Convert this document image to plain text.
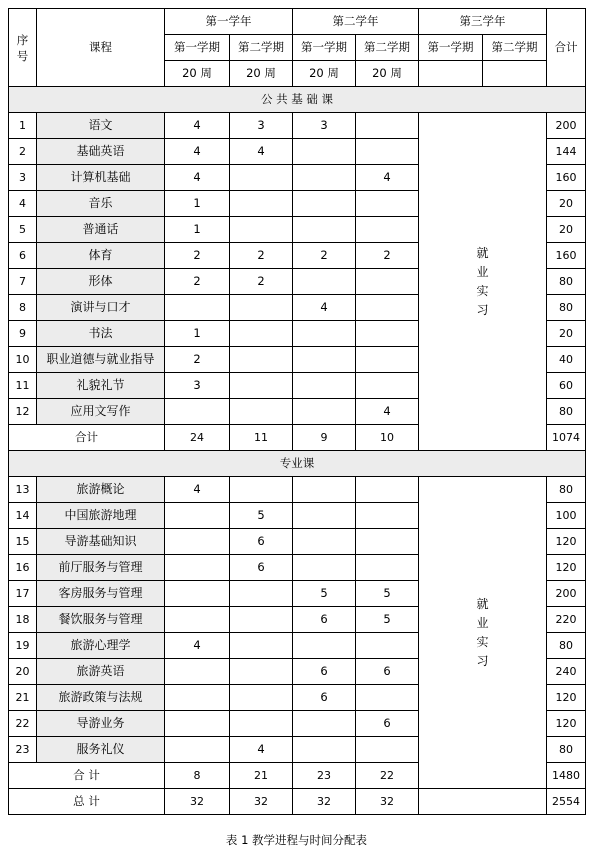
序号	课程	第一学年		第二学年		第三学年		合计
		第一学期	第二学期	第一学期	第二学期	第一学期	第二学期	
		20 周	20 周	20 周	20 周			
公 共 基 础 课								
1	语文	4	3	3		就业实习		200
2	基础英语	4	4					144
3	计算机基础	4			4			160
4	音乐	1						20
5	普通话	1						20
6	体育	2	2	2	2			160
7	形体	2	2					80
8	演讲与口才			4				80
9	书法	1						20
10	职业道德与就业指导	2						40
11	礼貌礼节	3						60
12	应用文写作				4			80
合计		24	11	9	10			1074
专业课								
13	旅游概论	4				就业实习		80
14	中国旅游地理		5					100
15	导游基础知识		6					120
16	前厅服务与管理		6					120
17	客房服务与管理			5	5			200
18	餐饮服务与管理			6	5			220
19	旅游心理学	4						80
20	旅游英语			6	6			240
21	旅游政策与法规			6				120
22	导游业务				6			120
23	服务礼仪		4					80
合 计		8	21	23	22			1480
总 计		32	32	32	32			2554
表 1 教学进程与时间分配表
